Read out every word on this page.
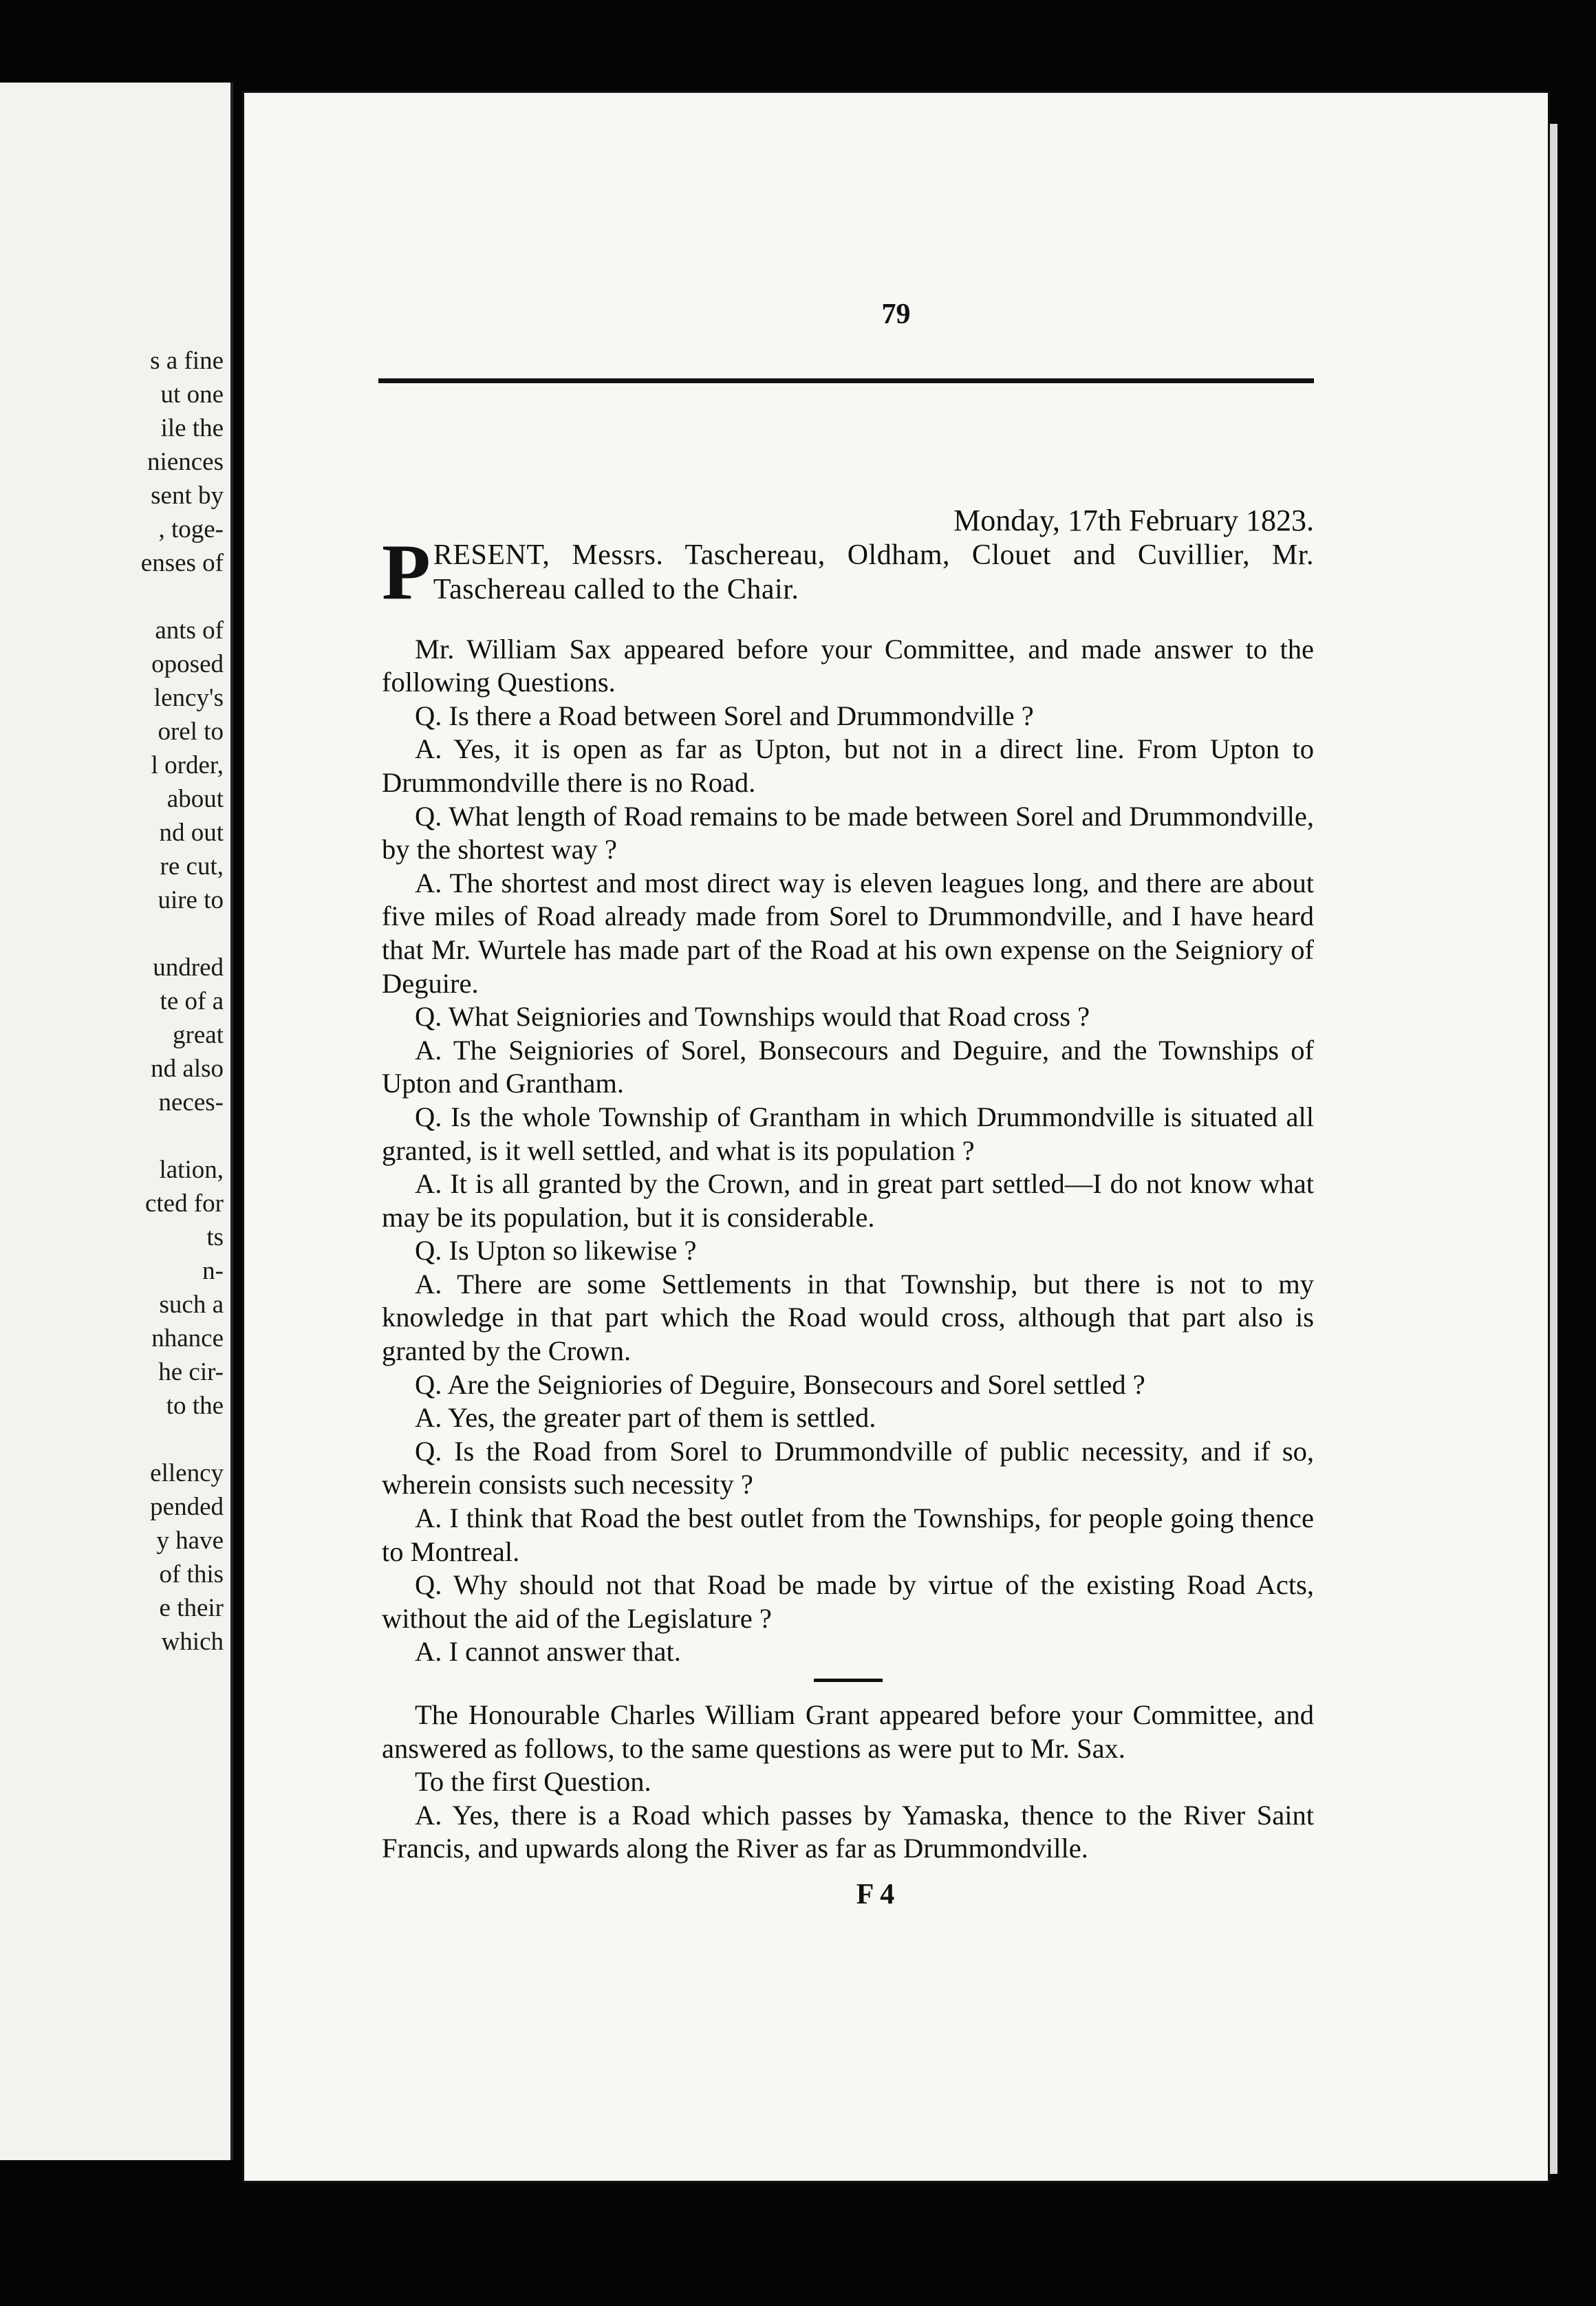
s a fine
ut one
ile the
niences
sent by
, toge-
enses of
ants of
oposed
lency's
orel to
l order,
about
nd out
re cut,
uire to
undred
te of a
great
nd also
neces-
lation,
cted for
ts
n-
such a
nhance
he cir-
to the
ellency
pended
y have
of this
e their
which
79

Monday, 17th February 1823.

PRESENT, Messrs. Taschereau, Oldham, Clouet and Cuvillier, Mr. Taschereau called to the Chair.

Mr. William Sax appeared before your Committee, and made answer to the following Questions.

Q. Is there a Road between Sorel and Drummondville ?

A. Yes, it is open as far as Upton, but not in a direct line. From Upton to Drummondville there is no Road.

Q. What length of Road remains to be made between Sorel and Drummondville, by the shortest way ?

A. The shortest and most direct way is eleven leagues long, and there are about five miles of Road already made from Sorel to Drummondville, and I have heard that Mr. Wurtele has made part of the Road at his own expense on the Seigniory of Deguire.

Q. What Seigniories and Townships would that Road cross ?

A. The Seigniories of Sorel, Bonsecours and Deguire, and the Townships of Upton and Grantham.

Q. Is the whole Township of Grantham in which Drummondville is situated all granted, is it well settled, and what is its population ?

A. It is all granted by the Crown, and in great part settled—I do not know what may be its population, but it is considerable.

Q. Is Upton so likewise ?

A. There are some Settlements in that Township, but there is not to my knowledge in that part which the Road would cross, although that part also is granted by the Crown.

Q. Are the Seigniories of Deguire, Bonsecours and Sorel settled ?

A. Yes, the greater part of them is settled.

Q. Is the Road from Sorel to Drummondville of public necessity, and if so, wherein consists such necessity ?

A. I think that Road the best outlet from the Townships, for people going thence to Montreal.

Q. Why should not that Road be made by virtue of the existing Road Acts, without the aid of the Legislature ?

A. I cannot answer that.

The Honourable Charles William Grant appeared before your Committee, and answered as follows, to the same questions as were put to Mr. Sax.

To the first Question.

A. Yes, there is a Road which passes by Yamaska, thence to the River Saint Francis, and upwards along the River as far as Drummondville.

F 4
